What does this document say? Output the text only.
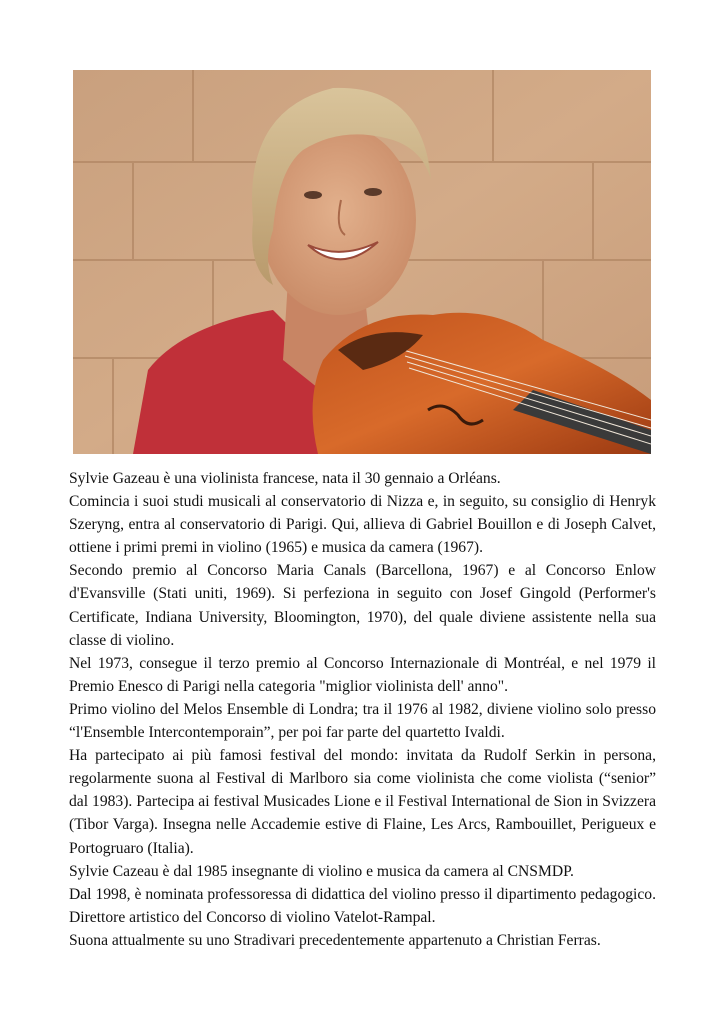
Sylvie Gazeau è una violinista francese, nata il 30 gennaio a Orléans.

Comincia i suoi studi musicali al conservatorio di Nizza e, in seguito, su consiglio di Henryk Szeryng, entra al conservatorio di Parigi. Qui, allieva di Gabriel Bouillon e di Joseph Calvet, ottiene i primi premi in violino (1965) e musica da camera (1967).

Secondo premio al Concorso Maria Canals (Barcellona, 1967) e al Concorso Enlow d'Evansville (Stati uniti, 1969). Si perfeziona in seguito con Josef Gingold (Performer's Certificate, Indiana University, Bloomington, 1970), del quale diviene assistente nella sua classe di violino.

Nel 1973, consegue il terzo premio al Concorso Internazionale di Montréal, e nel 1979 il Premio Enesco di Parigi nella categoria "miglior violinista dell' anno".

Primo violino del Melos Ensemble di Londra; tra il 1976 al 1982, diviene violino solo presso “l'Ensemble Intercontemporain”, per poi far parte del quartetto Ivaldi.

Ha partecipato ai più famosi festival del mondo: invitata da Rudolf Serkin in persona, regolarmente suona al Festival di Marlboro sia come violinista che come violista (“senior” dal 1983). Partecipa ai festival Musicades Lione e il Festival International de Sion in Svizzera (Tibor Varga). Insegna nelle Accademie estive di Flaine, Les Arcs, Rambouillet, Perigueux e Portogruaro (Italia).

Sylvie Cazeau è dal 1985 insegnante di violino e musica da camera al CNSMDP.

Dal 1998, è nominata professoressa di didattica del violino presso il dipartimento pedagogico. Direttore artistico del Concorso di violino Vatelot-Rampal.

Suona attualmente su uno Stradivari precedentemente appartenuto a Christian Ferras.
